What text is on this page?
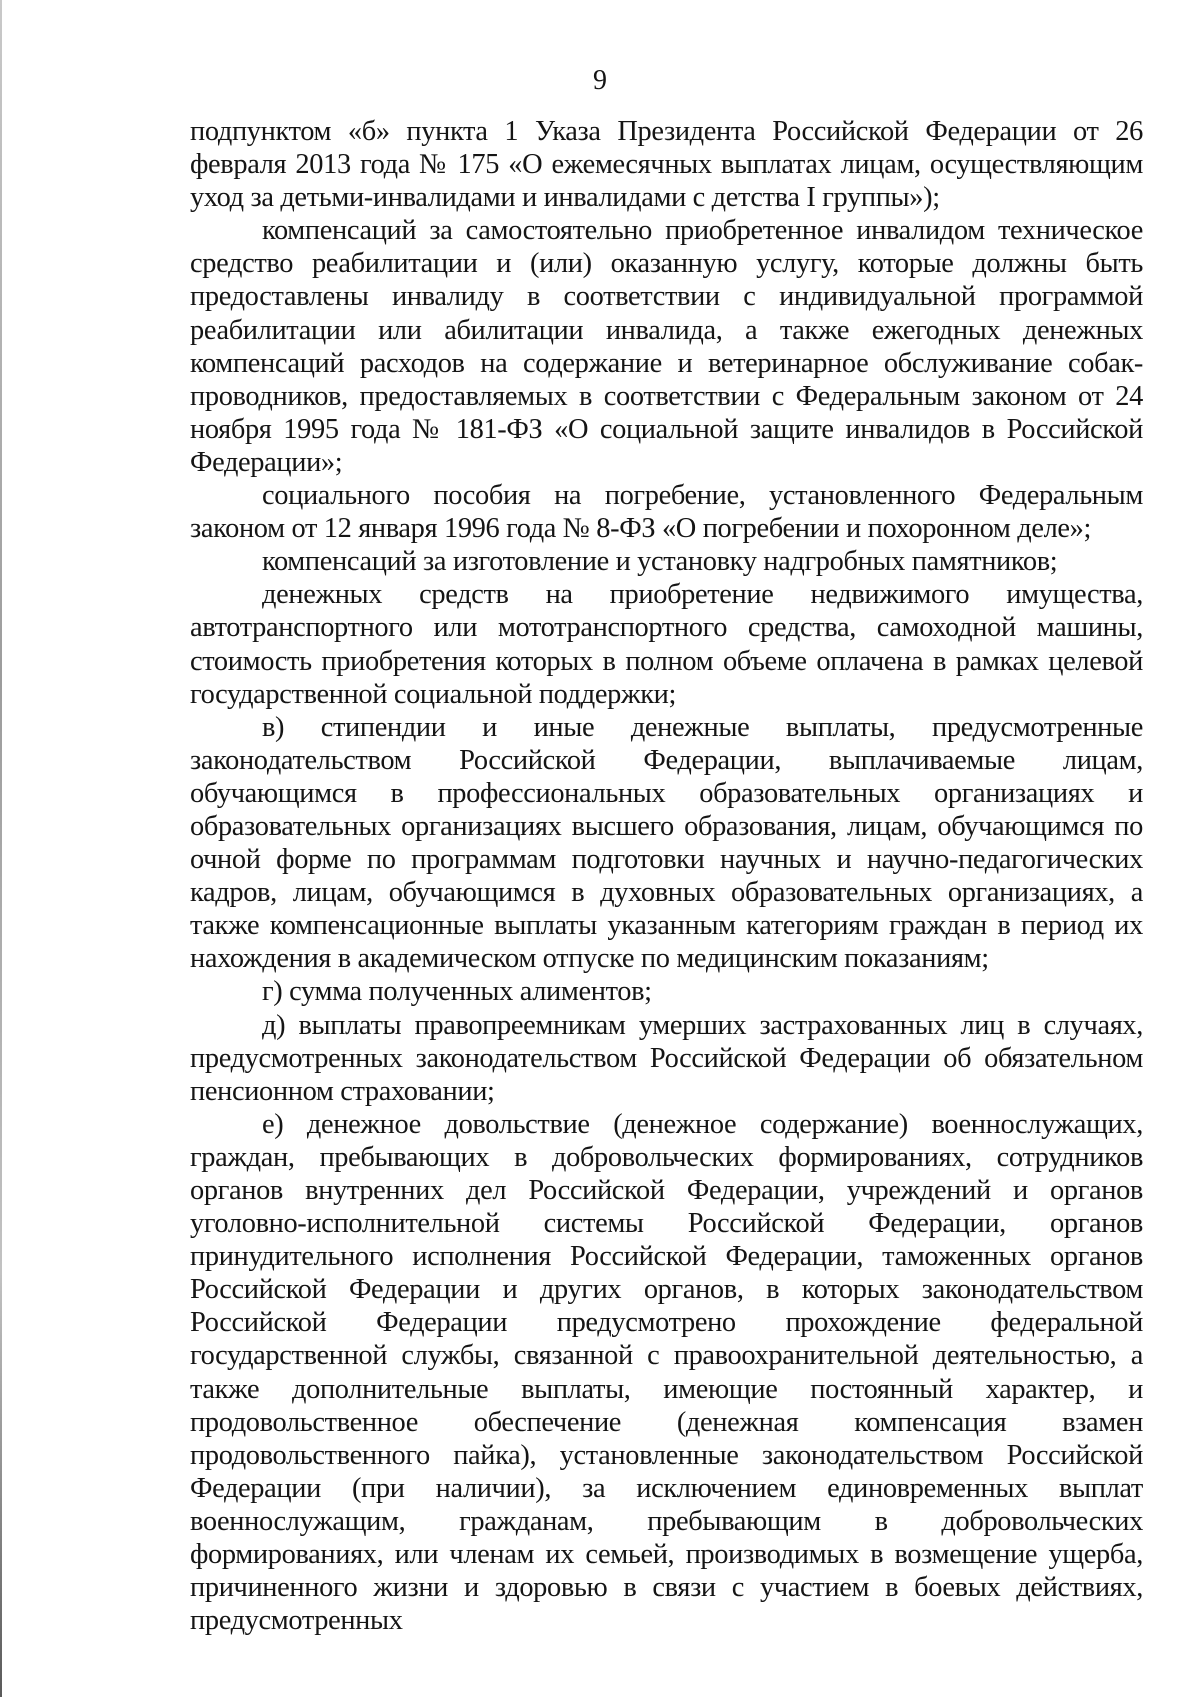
9

подпунктом «б» пункта 1 Указа Президента Российской Федерации от 26 февраля 2013 года № 175 «О ежемесячных выплатах лицам, осуществляющим уход за детьми-инвалидами и инвалидами с детства I группы»);

компенсаций за самостоятельно приобретенное инвалидом техническое средство реабилитации и (или) оказанную услугу, которые должны быть предоставлены инвалиду в соответствии с индивидуальной программой реабилитации или абилитации инвалида, а также ежегодных денежных компенсаций расходов на содержание и ветеринарное обслуживание собак-проводников, предоставляемых в соответствии с Федеральным законом от 24 ноября 1995 года № 181-ФЗ «О социальной защите инвалидов в Российской Федерации»;

социального пособия на погребение, установленного Федеральным законом от 12 января 1996 года № 8-ФЗ «О погребении и похоронном деле»;

компенсаций за изготовление и установку надгробных памятников;

денежных средств на приобретение недвижимого имущества, автотранспортного или мототранспортного средства, самоходной машины, стоимость приобретения которых в полном объеме оплачена в рамках целевой государственной социальной поддержки;

в) стипендии и иные денежные выплаты, предусмотренные законодательством Российской Федерации, выплачиваемые лицам, обучающимся в профессиональных образовательных организациях и образовательных организациях высшего образования, лицам, обучающимся по очной форме по программам подготовки научных и научно-педагогических кадров, лицам, обучающимся в духовных образовательных организациях, а также компенсационные выплаты указанным категориям граждан в период их нахождения в академическом отпуске по медицинским показаниям;

г) сумма полученных алиментов;

д) выплаты правопреемникам умерших застрахованных лиц в случаях, предусмотренных законодательством Российской Федерации об обязательном пенсионном страховании;

е) денежное довольствие (денежное содержание) военнослужащих, граждан, пребывающих в добровольческих формированиях, сотрудников органов внутренних дел Российской Федерации, учреждений и органов уголовно-исполнительной системы Российской Федерации, органов принудительного исполнения Российской Федерации, таможенных органов Российской Федерации и других органов, в которых законодательством Российской Федерации предусмотрено прохождение федеральной государственной службы, связанной с правоохранительной деятельностью, а также дополнительные выплаты, имеющие постоянный характер, и продовольственное обеспечение (денежная компенсация взамен продовольственного пайка), установленные законодательством Российской Федерации (при наличии), за исключением единовременных выплат военнослужащим, гражданам, пребывающим в добровольческих формированиях, или членам их семьей, производимых в возмещение ущерба, причиненного жизни и здоровью в связи с участием в боевых действиях, предусмотренных
